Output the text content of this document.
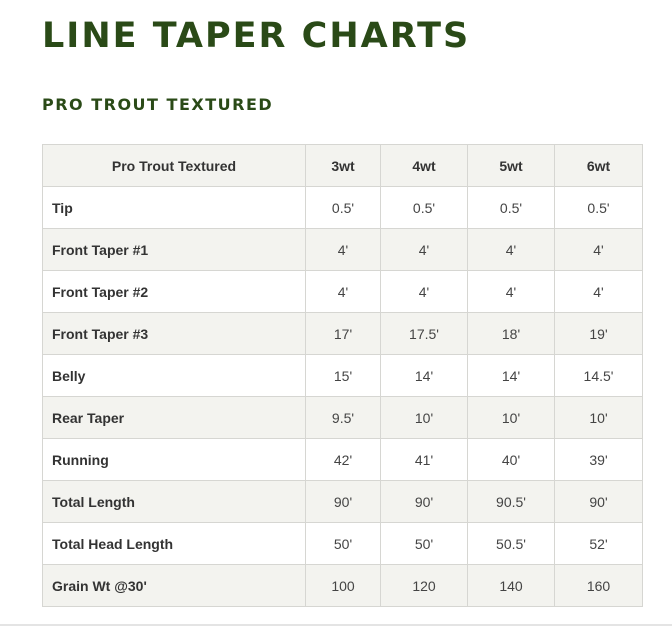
LINE TAPER CHARTS
PRO TROUT TEXTURED
Pro Trout Textured	3wt	4wt	5wt	6wt
Tip	0.5'	0.5'	0.5'	0.5'
Front Taper #1	4'	4'	4'	4'
Front Taper #2	4'	4'	4'	4'
Front Taper #3	17'	17.5'	18'	19'
Belly	15'	14'	14'	14.5'
Rear Taper	9.5'	10'	10'	10'
Running	42'	41'	40'	39'
Total Length	90'	90'	90.5'	90'
Total Head Length	50'	50'	50.5'	52'
Grain Wt @30'	100	120	140	160
